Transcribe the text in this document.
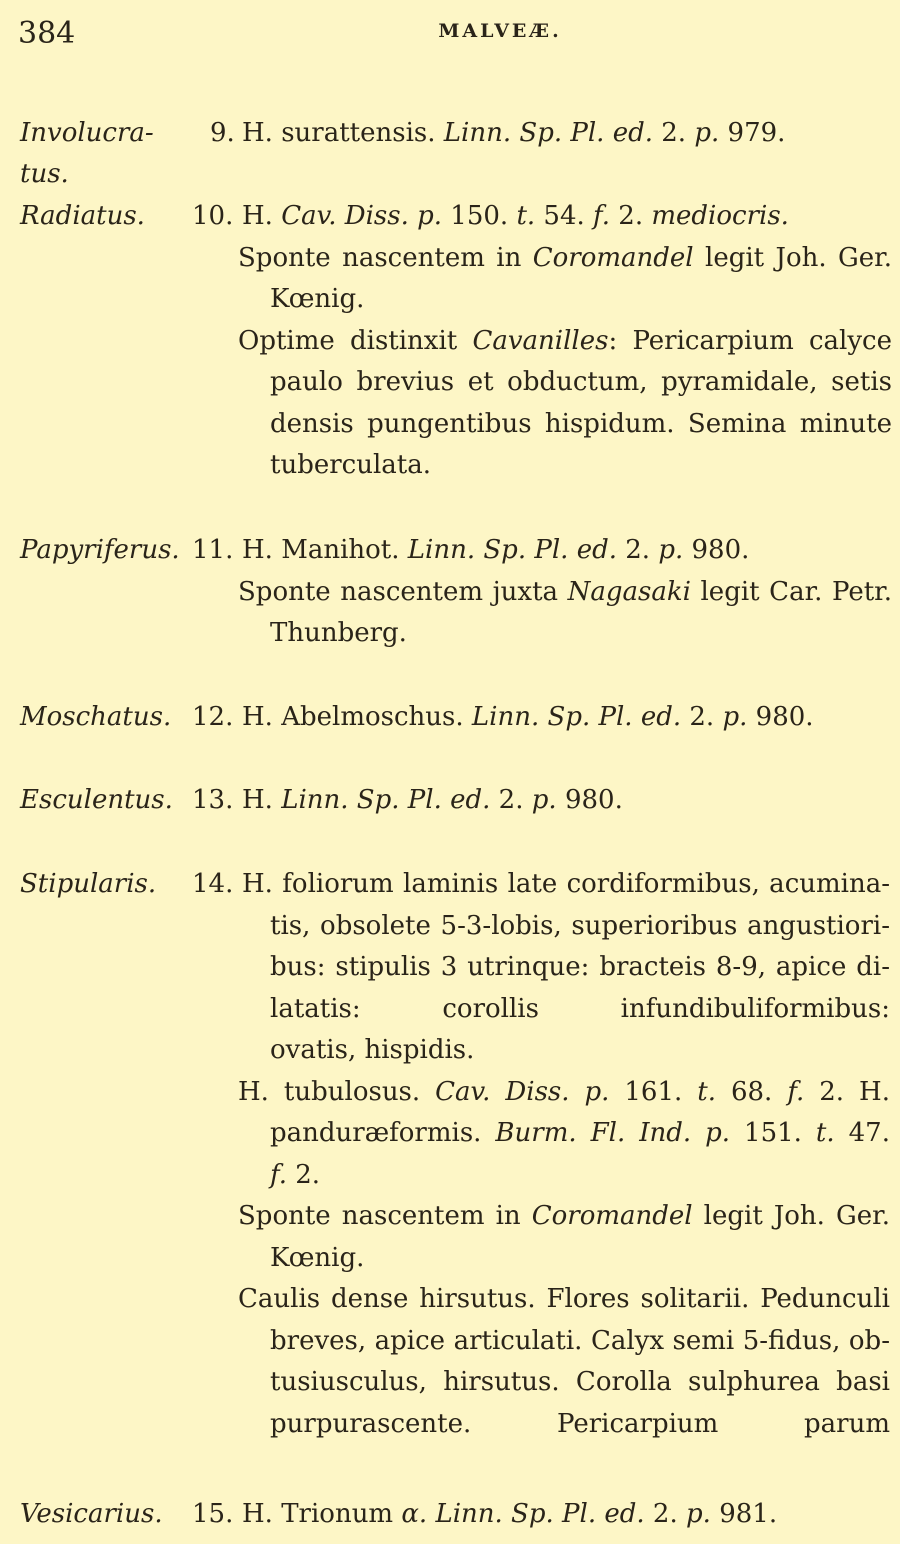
384	MALVEÆ.
Involucra-
tus.
9. H. surattensis. Linn. Sp. Pl. ed. 2. p. 979.
Radiatus. 10. H. Cav. Diss. p. 150. t. 54. f. 2. mediocris.
Sponte nascentem in Coromandel legit Joh. Ger.
Kœnig.
Optime distinxit Cavanilles: Pericarpium calyce
paulo brevius et obductum, pyramidale, setis
densis pungentibus hispidum. Semina minute
tuberculata.
Papyriferus. 11. H. Manihot. Linn. Sp. Pl. ed. 2. p. 980.
Sponte nascentem juxta Nagasaki legit Car. Petr.
Thunberg.
Moschatus. 12. H. Abelmoschus. Linn. Sp. Pl. ed. 2. p. 980.
Esculentus. 13. H. Linn. Sp. Pl. ed. 2. p. 980.
Stipularis. 14. H. foliorum laminis late cordiformibus, acumina-
tis, obsolete 5-3-lobis, superioribus angustiori-
bus: stipulis 3 utrinque: bracteis 8-9, apice di-
latatis: corollis infundibuliformibus:
ovatis, hispidis.
H. tubulosus. Cav. Diss. p. 161. t. 68. f. 2. H.
panduræformis. Burm. Fl. Ind. p. 151. t. 47.
f. 2.
Sponte nascentem in Coromandel legit Joh. Ger.
Kœnig.
Caulis dense hirsutus. Flores solitarii. Pedunculi
breves, apice articulati. Calyx semi 5-fidus, ob-
tusiusculus, hirsutus. Corolla sulphurea basi
purpurascente. Pericarpium parum
Vesicarius. 15. H. Trionum α. Linn. Sp. Pl. ed. 2. p. 981.
